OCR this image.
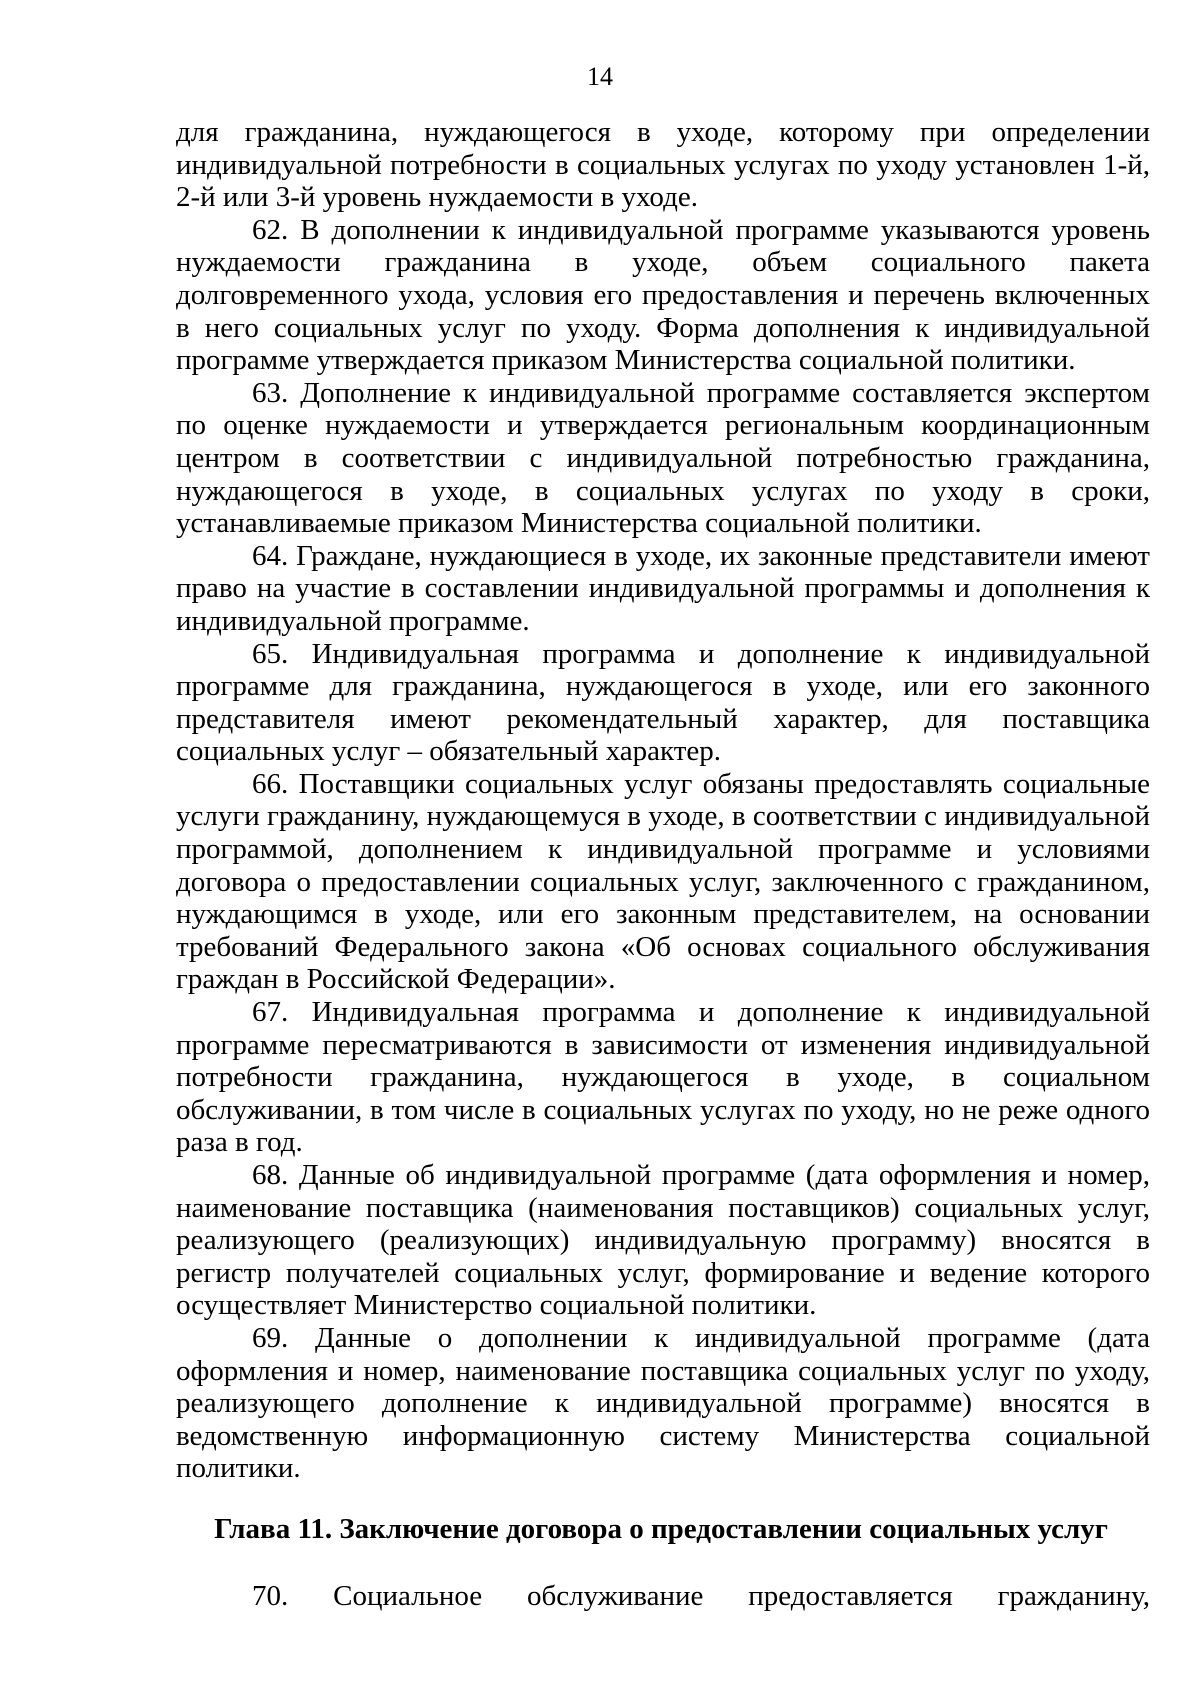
14

для гражданина, нуждающегося в уходе, которому при определении индивидуальной потребности в социальных услугах по уходу установлен 1-й, 2-й или 3-й уровень нуждаемости в уходе.

62. В дополнении к индивидуальной программе указываются уровень нуждаемости гражданина в уходе, объем социального пакета долговременного ухода, условия его предоставления и перечень включенных в него социальных услуг по уходу. Форма дополнения к индивидуальной программе утверждается приказом Министерства социальной политики.

63. Дополнение к индивидуальной программе составляется экспертом по оценке нуждаемости и утверждается региональным координационным центром в соответствии с индивидуальной потребностью гражданина, нуждающегося в уходе, в социальных услугах по уходу в сроки, устанавливаемые приказом Министерства социальной политики.

64. Граждане, нуждающиеся в уходе, их законные представители имеют право на участие в составлении индивидуальной программы и дополнения к индивидуальной программе.

65. Индивидуальная программа и дополнение к индивидуальной программе для гражданина, нуждающегося в уходе, или его законного представителя имеют рекомендательный характер, для поставщика социальных услуг – обязательный характер.

66. Поставщики социальных услуг обязаны предоставлять социальные услуги гражданину, нуждающемуся в уходе, в соответствии с индивидуальной программой, дополнением к индивидуальной программе и условиями договора о предоставлении социальных услуг, заключенного с гражданином, нуждающимся в уходе, или его законным представителем, на основании требований Федерального закона «Об основах социального обслуживания граждан в Российской Федерации».

67. Индивидуальная программа и дополнение к индивидуальной программе пересматриваются в зависимости от изменения индивидуальной потребности гражданина, нуждающегося в уходе, в социальном обслуживании, в том числе в социальных услугах по уходу, но не реже одного раза в год.

68. Данные об индивидуальной программе (дата оформления и номер, наименование поставщика (наименования поставщиков) социальных услуг, реализующего (реализующих) индивидуальную программу) вносятся в регистр получателей социальных услуг, формирование и ведение которого осуществляет Министерство социальной политики.

69. Данные о дополнении к индивидуальной программе (дата оформления и номер, наименование поставщика социальных услуг по уходу, реализующего дополнение к индивидуальной программе) вносятся в ведомственную информационную систему Министерства социальной политики.

Глава 11. Заключение договора о предоставлении социальных услуг

70. Социальное обслуживание предоставляется гражданину,
